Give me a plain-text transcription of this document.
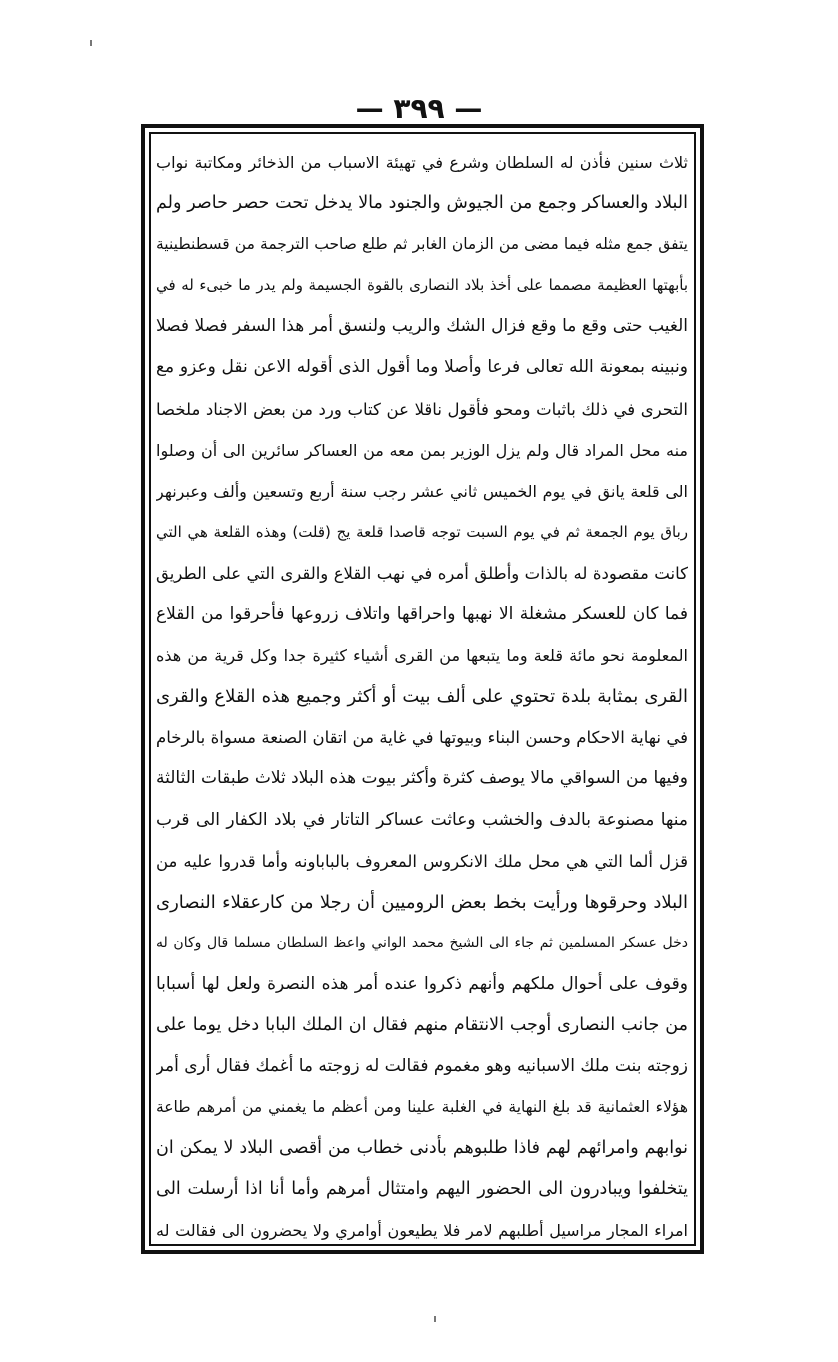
— ٣٩٩ —
ثلاث سنين فأذن له السلطان وشرع في تهيئة الاسباب من الذخائر ومكاتبة نواب
البلاد والعساكر وجمع من الجيوش والجنود مالا يدخل تحت حصر حاصر ولم
يتفق جمع مثله فيما مضى من الزمان الغابر ثم طلع صاحب الترجمة من قسطنطينية
بأبهتها العظيمة مصمما على أخذ بلاد النصارى بالقوة الجسيمة ولم يدر ما خبىء له في
الغيب حتى وقع ما وقع فزال الشك والريب ولنسق أمر هذا السفر فصلا فصلا
ونبينه بمعونة الله تعالى فرعا وأصلا وما أقول الذى أقوله الاعن نقل وعزو مع
التحرى في ذلك باثبات ومحو فأقول ناقلا عن كتاب ورد من بعض الاجناد ملخصا
منه محل المراد قال ولم يزل الوزير بمن معه من العساكر سائرين الى أن وصلوا
الى قلعة يانق في يوم الخميس ثاني عشر رجب سنة أربع وتسعين وألف وعبرنهر
رباق يوم الجمعة ثم في يوم السبت توجه قاصدا قلعة يج (قلت) وهذه القلعة هي التي
كانت مقصودة له بالذات وأطلق أمره في نهب القلاع والقرى التي على الطريق
فما كان للعسكر مشغلة الا نهبها واحراقها واتلاف زروعها فأحرقوا من القلاع
المعلومة نحو مائة قلعة وما يتبعها من القرى أشياء كثيرة جدا وكل قرية من هذه
القرى بمثابة بلدة تحتوي على ألف بيت أو أكثر وجميع هذه القلاع والقرى
في نهاية الاحكام وحسن البناء وبيوتها في غاية من اتقان الصنعة مسواة بالرخام
وفيها من السواقي مالا يوصف كثرة وأكثر بيوت هذه البلاد ثلاث طبقات الثالثة
منها مصنوعة بالدف والخشب وعاثت عساكر التاتار في بلاد الكفار الى قرب
قزل ألما التي هي محل ملك الانكروس المعروف بالباباونه وأما قدروا عليه من
البلاد وحرقوها ورأيت بخط بعض الروميين أن رجلا من كارعقلاء النصارى
دخل عسكر المسلمين ثم جاء الى الشيخ محمد الواني واعظ السلطان مسلما قال وكان له
وقوف على أحوال ملكهم وأنهم ذكروا عنده أمر هذه النصرة ولعل لها أسبابا
من جانب النصارى أوجب الانتقام منهم فقال ان الملك البابا دخل يوما على
زوجته بنت ملك الاسبانيه وهو مغموم فقالت له زوجته ما أغمك فقال أرى أمر
هؤلاء العثمانية قد بلغ النهاية في الغلبة علينا ومن أعظم ما يغمني من أمرهم طاعة
نوابهم وامرائهم لهم فاذا طلبوهم بأدنى خطاب من أقصى البلاد لا يمكن ان
يتخلفوا ويبادرون الى الحضور اليهم وامتثال أمرهم وأما أنا اذا أرسلت الى
امراء المجار مراسيل أطلبهم لامر فلا يطيعون أوامري ولا يحضرون الى فقالت له
